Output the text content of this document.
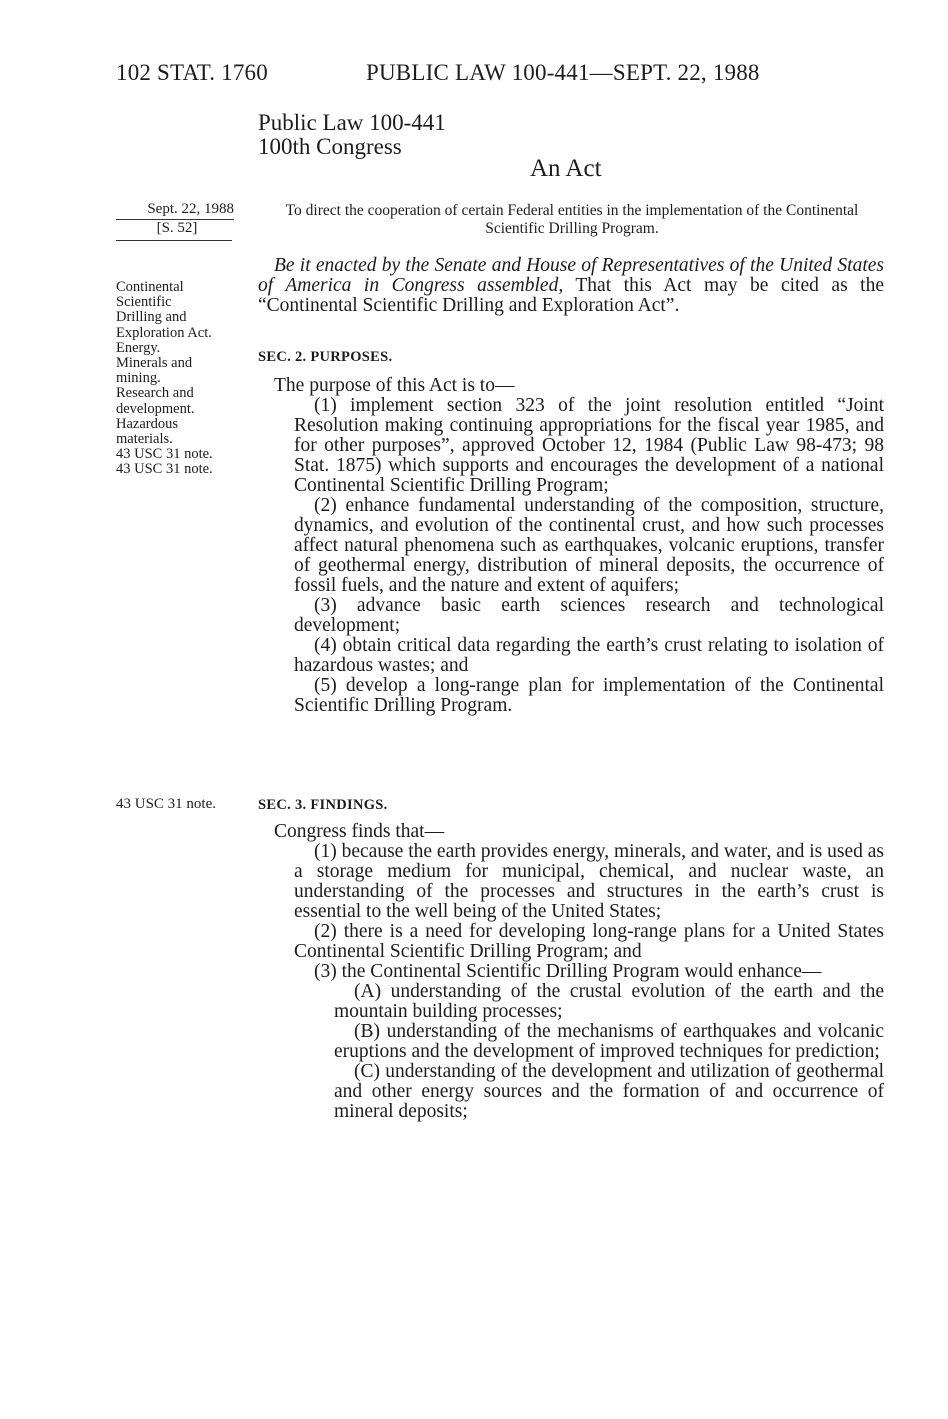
102 STAT. 1760	PUBLIC LAW 100-441—SEPT. 22, 1988
Public Law 100-441
100th Congress
An Act
Sept. 22, 1988
[S. 52]
Continental
Scientific
Drilling and
Exploration Act.
Energy.
Minerals and
mining.
Research and
development.
Hazardous
materials.
43 USC 31 note.
43 USC 31 note.
43 USC 31 note.
To direct the cooperation of certain Federal entities in the implementation of the Continental Scientific Drilling Program.
Be it enacted by the Senate and House of Representatives of the United States of America in Congress assembled, That this Act may be cited as the “Continental Scientific Drilling and Exploration Act”.
SEC. 2. PURPOSES.

The purpose of this Act is to—

(1) implement section 323 of the joint resolution entitled “Joint Resolution making continuing appropriations for the fiscal year 1985, and for other purposes”, approved October 12, 1984 (Public Law 98-473; 98 Stat. 1875) which supports and encourages the development of a national Continental Scientific Drilling Program;

(2) enhance fundamental understanding of the composition, structure, dynamics, and evolution of the continental crust, and how such processes affect natural phenomena such as earthquakes, volcanic eruptions, transfer of geothermal energy, distribution of mineral deposits, the occurrence of fossil fuels, and the nature and extent of aquifers;

(3) advance basic earth sciences research and technological development;

(4) obtain critical data regarding the earth’s crust relating to isolation of hazardous wastes; and

(5) develop a long-range plan for implementation of the Continental Scientific Drilling Program.

SEC. 3. FINDINGS.

Congress finds that—

(1) because the earth provides energy, minerals, and water, and is used as a storage medium for municipal, chemical, and nuclear waste, an understanding of the processes and structures in the earth’s crust is essential to the well being of the United States;

(2) there is a need for developing long-range plans for a United States Continental Scientific Drilling Program; and

(3) the Continental Scientific Drilling Program would enhance—

(A) understanding of the crustal evolution of the earth and the mountain building processes;

(B) understanding of the mechanisms of earthquakes and volcanic eruptions and the development of improved techniques for prediction;

(C) understanding of the development and utilization of geothermal and other energy sources and the formation of and occurrence of mineral deposits;
